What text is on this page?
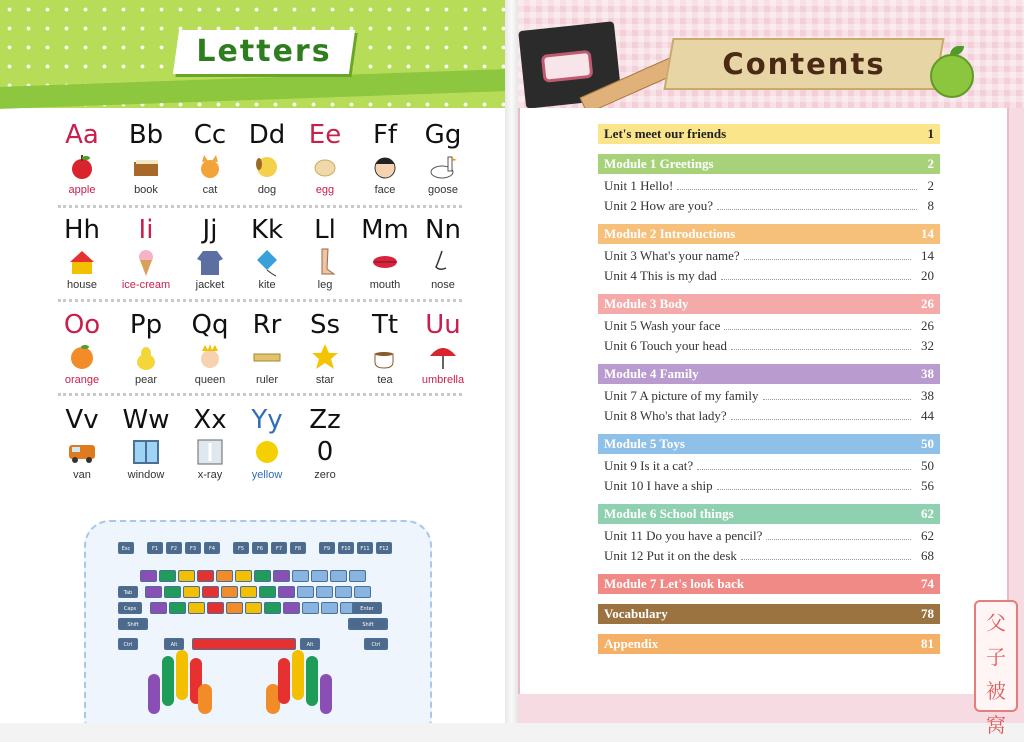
Letters
Aa
apple
Bb
book
Cc
cat
Dd
dog
Ee
egg
Ff
face
Gg
goose
Hh
house
Ii
ice-cream
Jj
jacket
Kk
kite
Ll
leg
Mm
mouth
Nn
nose
Oo
orange
Pp
pear
Qq
queen
Rr
ruler
Ss
star
Tt
tea
Uu
umbrella
Vv
van
Ww
window
Xx
x-ray
Yy
yellow
Zz
0
zero
Esc	F1	F2	F3	F4	F5	F6	F7	F8	F9	F10	F11	F12
Tab
Caps
Shift
Ctrl	Alt
Enter
Shift
Alt	Ctrl
Contents
Let's meet our friends	1
Module 1 Greetings	2
Unit 1 Hello!	2
Unit 2 How are you?	8
Module 2 Introductions	14
Unit 3 What's your name?	14
Unit 4 This is my dad	20
Module 3 Body	26
Unit 5 Wash your face	26
Unit 6 Touch your head	32
Module 4 Family	38
Unit 7 A picture of my family	38
Unit 8 Who's that lady?	44
Module 5 Toys	50
Unit 9 Is it a cat?	50
Unit 10 I have a ship	56
Module 6 School things	62
Unit 11 Do you have a pencil?	62
Unit 12 Put it on the desk	68
Module 7 Let's look back	74
Vocabulary	78
Appendix	81
父
子
被
窝
